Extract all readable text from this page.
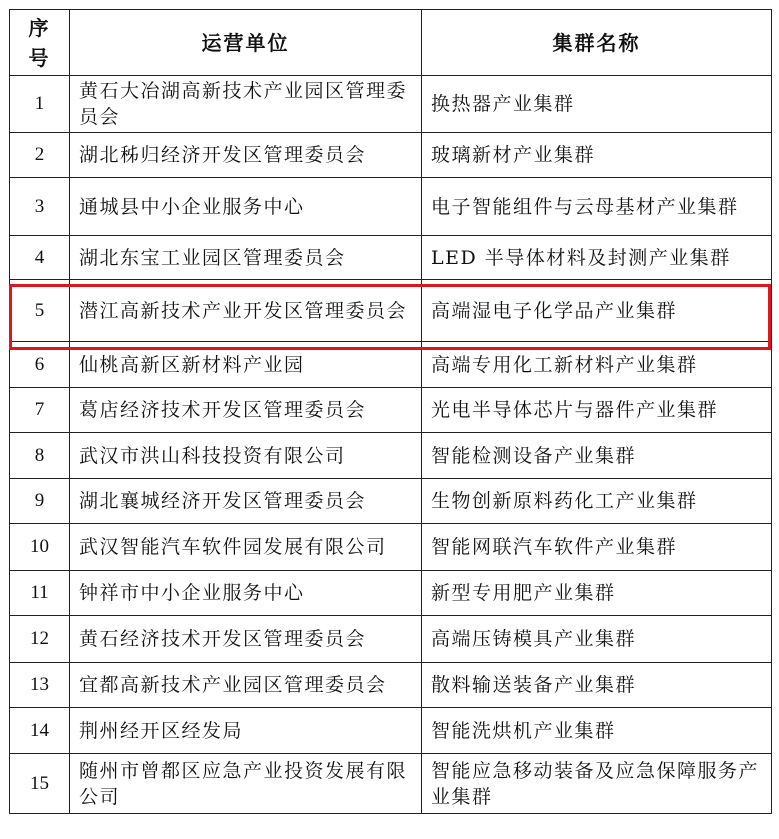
序
号	运营单位	集群名称
1	黄石大冶湖高新技术产业园区管理委员会	换热器产业集群
2	湖北秭归经济开发区管理委员会	玻璃新材产业集群
3	通城县中小企业服务中心	电子智能组件与云母基材产业集群
4	湖北东宝工业园区管理委员会	LED 半导体材料及封测产业集群
5	潜江高新技术产业开发区管理委员会	高端湿电子化学品产业集群
6	仙桃高新区新材料产业园	高端专用化工新材料产业集群
7	葛店经济技术开发区管理委员会	光电半导体芯片与器件产业集群
8	武汉市洪山科技投资有限公司	智能检测设备产业集群
9	湖北襄城经济开发区管理委员会	生物创新原料药化工产业集群
10	武汉智能汽车软件园发展有限公司	智能网联汽车软件产业集群
11	钟祥市中小企业服务中心	新型专用肥产业集群
12	黄石经济技术开发区管理委员会	高端压铸模具产业集群
13	宜都高新技术产业园区管理委员会	散料输送装备产业集群
14	荆州经开区经发局	智能洗烘机产业集群
15	随州市曾都区应急产业投资发展有限公司	智能应急移动装备及应急保障服务产业集群
